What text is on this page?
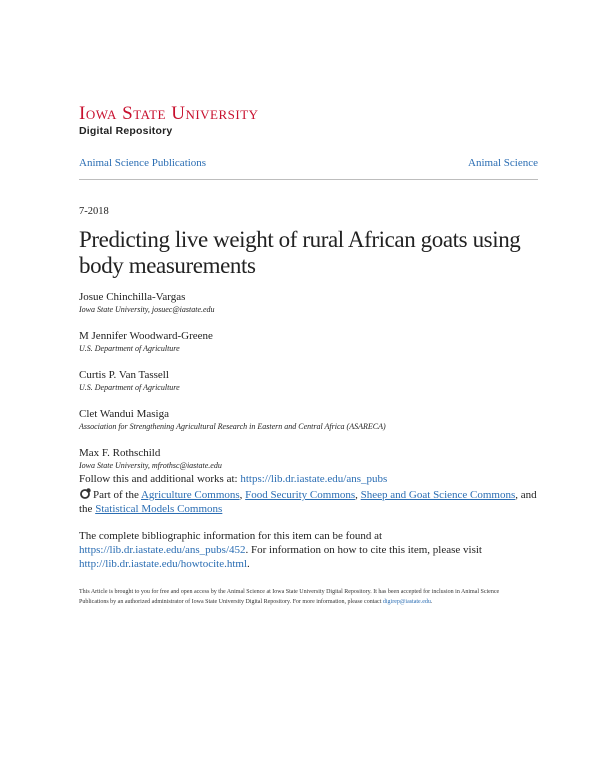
Iowa State University
Digital Repository
Animal Science Publications	Animal Science
7-2018
Predicting live weight of rural African goats using body measurements
Josue Chinchilla-Vargas
Iowa State University, josuec@iastate.edu
M Jennifer Woodward-Greene
U.S. Department of Agriculture
Curtis P. Van Tassell
U.S. Department of Agriculture
Clet Wandui Masiga
Association for Strengthening Agricultural Research in Eastern and Central Africa (ASARECA)
Max F. Rothschild
Iowa State University, mfrothsc@iastate.edu
Follow this and additional works at: https://lib.dr.iastate.edu/ans_pubs
Part of the Agriculture Commons, Food Security Commons, Sheep and Goat Science Commons, and the Statistical Models Commons
The complete bibliographic information for this item can be found at https://lib.dr.iastate.edu/ans_pubs/452. For information on how to cite this item, please visit http://lib.dr.iastate.edu/howtocite.html.
This Article is brought to you for free and open access by the Animal Science at Iowa State University Digital Repository. It has been accepted for inclusion in Animal Science Publications by an authorized administrator of Iowa State University Digital Repository. For more information, please contact digirep@iastate.edu.
